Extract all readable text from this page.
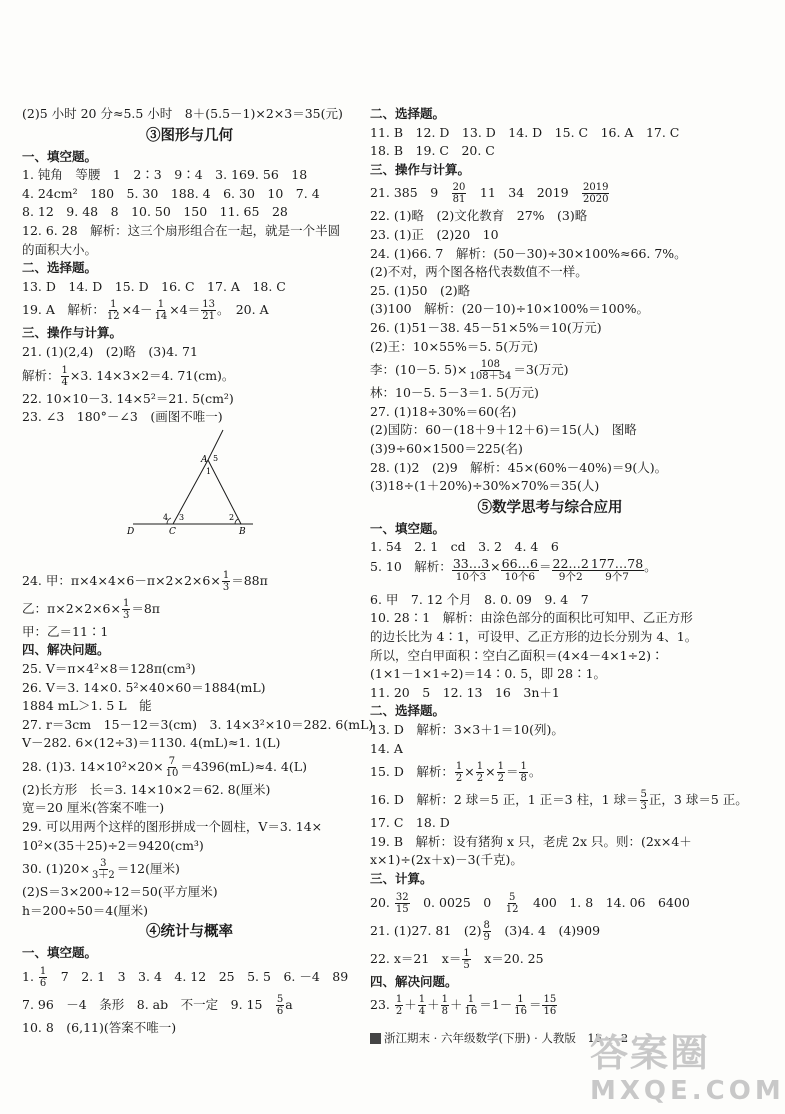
(2)5 小时 20 分≈5.5 小时　8＋(5.5－1)×2×3＝35(元)
③图形与几何
一、填空题。
1. 钝角　等腰　1　2∶3　9∶4　3. 169. 56　18
4. 24cm²　180　5. 30　188. 4　6. 30　10　7. 4
8. 12　9. 48　8　10. 50　150　11. 65　28
12. 6. 28　解析：这三个扇形组合在一起，就是一个半圆
的面积大小。
二、选择题。
13. D　14. D　15. D　16. C　17. A　18. C
19. A　解析： $\frac{1}{12} \times 4- \frac{1}{14} \times 4= \frac{13}{21}$ 。　20. A
三、操作与计算。
21. (1)(2,4)　(2)略　(3)4. 71
解析： $\frac{1}{4} \times 3$. 14×3×2＝4. 71(cm)。
22. 10×10－3. 14×5²＝21. 5(cm²)
23. ∠3　180°－∠3　(画图不唯一)
24. 甲：$\pi\times 4\times 4\times 6-\pi\times 2\times 2\times 6\times \frac{1}{3} =88\pi$
乙：$\pi\times 2\times 2\times 6\times \frac{1}{3} =8\pi$
甲：乙＝11∶1
四、解决问题。
25. V＝π×4²×8＝128π(cm³)
26. V＝3. 14×0. 5²×40×60＝1884(mL)
1884 mL＞1. 5 L　能
27. r＝3cm　15－12＝3(cm)　3. 14×3²×10＝282. 6(mL)
V－282. 6×(12÷3)＝1130. 4(mL)≈1. 1(L)
28. (1)3. $14\times 10^2\times 20\times \frac{7}{10} =4396(mL)\approx 4$. 4(L)
(2)长方形　长＝3. 14×10×2＝62. 8(厘米)
宽＝20 厘米(答案不唯一)
29. 可以用两个这样的图形拼成一个圆柱，V＝3. 14×
10²×(35＋25)÷2＝9420(cm³)
30. $(1)20\times \frac{3}{3+2} =12$(厘米)
(2)S＝3×200÷12＝50(平方厘米)
h＝200÷50＝4(厘米)
④统计与概率
一、填空题。
1. $\frac{1}{6}$ 　7　2. 1　3　3. 4　4. 12　25　5. 5　6. －4　89
7. 96　－4　条形　8. ab　不一定　9. 15　 $\frac{5}{6}$ a
10. 8　(6,11)(答案不唯一)
二、选择题。
11. B　12. D　13. D　14. D　15. C　16. A　17. C
18. B　19. C　20. C
三、操作与计算。
21. 385　9　 $\frac{20}{81}$ 　11　34　2019　 $\frac{2019}{2020}$
22. (1)略　(2)文化教育　27%　(3)略
23. (1)正　(2)20　10
24. (1)66. 7　解析：(50－30)÷30×100%≈66. 7%。
(2)不对，两个图各格代表数值不一样。
25. (1)50　(2)略
(3)100　解析：(20－10)÷10×100%＝100%。
26. (1)51－38. 45－51×5%＝10(万元)
(2)王：10×55%＝5. 5(万元)
李：(10－5. $5)\times \frac{108}{108+54} =3$(万元)
林：10－5. 5－3＝1. 5(万元)
27. (1)18÷30%＝60(名)
(2)国防：60－(18＋9＋12＋6)＝15(人)　图略
(3)9÷60×1500＝225(名)
28. (1)2　(2)9　解析：45×(60%－40%)＝9(人)。
(3)18÷(1＋20%)÷30%×70%＝35(人)
⑤数学思考与综合应用
一、填空题。
1. 54　2. 1　cd　3. 2　4. 4　6
5. 10　解析： 33…3
10个3
× 66…6
10个6
＝ 22…2
9个2
177…78
9个7
。
6. 甲　7. 12 个月　8. 0. 09　9. 4　7
10. 28∶1　解析：由涂色部分的面积比可知甲、乙正方形
的边长比为 4∶1，可设甲、乙正方形的边长分别为 4、1。
所以，空白甲面积∶空白乙面积＝(4×4－4×1÷2)∶
(1×1－1×1÷2)＝14∶0. 5，即 28∶1。
11. 20　5　12. 13　16　3n＋1
二、选择题。
13. D　解析：3×3＋1＝10(列)。
14. A
15. D　解析： $\frac{1}{2} \times \frac{1}{2} \times \frac{1}{2} = \frac{1}{8}$ 。
16. D　解析：2 球＝5 正，1 正＝3 柱，1 球＝ $\frac{5}{3}$ 正，3 球＝5 正。
17. C　18. D
19. B　解析：设有猪狗 x 只，老虎 2x 只。则：(2x×4＋
x×1)÷(2x＋x)－3(千克)。
三、计算。
20. $\frac{32}{15}$ 　0. 0025　0　 $\frac{5}{12}$ 　400　1. 8　14. 06　6400
21. (1)27. 81　$(2) \frac{8}{9}$ 　(3)4. 4　(4)909
22. x＝21　$x= \frac{1}{5}$ 　x＝20. 25
四、解决问题。
23. $\frac{1}{2} + \frac{1}{4} + \frac{1}{8} + \frac{1}{16} =1- \frac{1}{16} = \frac{15}{16}$
A 5
1
4 3	2
D	C	B
浙江期末 · 六年级数学(下册) · 人教版　15 — 2
答案圈
MXQE.COM
